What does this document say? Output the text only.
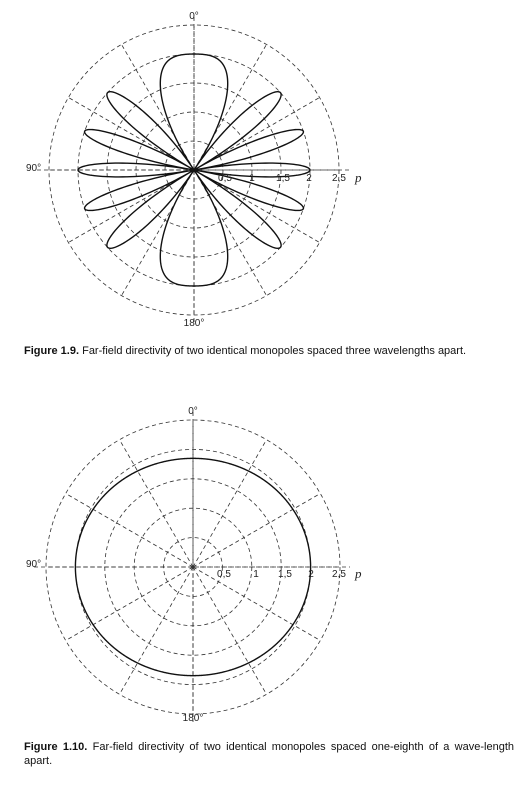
0°
90°
180°
0,5 1 1,5 2 2,5 p
Figure 1.9. Far-field directivity of two identical monopoles spaced three wavelengths apart.
0°
90°
180°
0,5 1 1,5 2 2,5 p
Figure 1.10. Far-field directivity of two identical monopoles spaced one-eighth of a wave-length apart.
